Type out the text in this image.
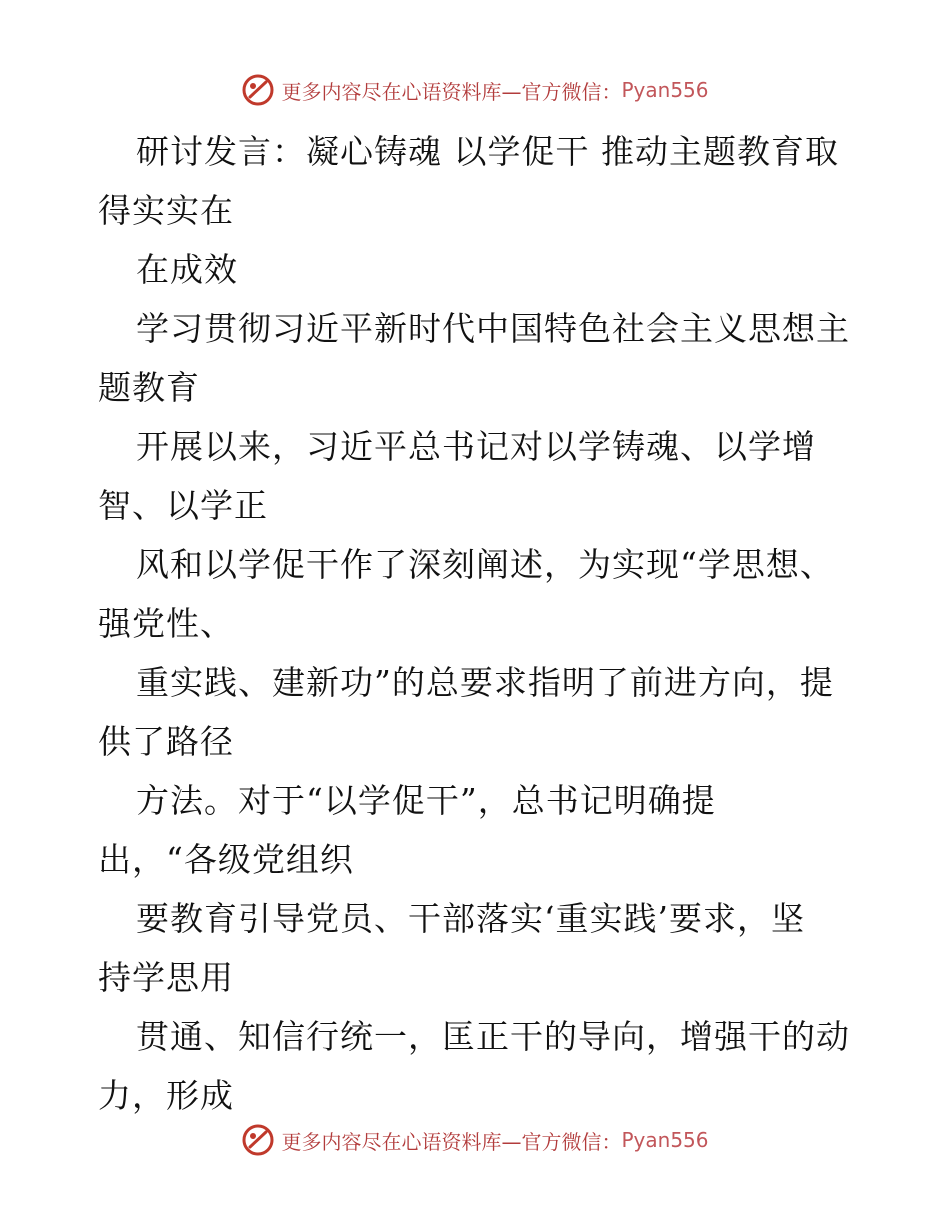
更多内容尽在心语资料库—官方微信： Pyan556

研讨发言：凝心铸魂 以学促干 推动主题教育取
得实实在

在成效

学习贯彻习近平新时代中国特色社会主义思想主
题教育

开展以来，习近平总书记对以学铸魂、以学增
智、以学正

风和以学促干作了深刻阐述，为实现“学思想、
强党性、

重实践、建新功”的总要求指明了前进方向，提
供了路径

方法。对于“以学促干”，总书记明确提
出，“各级党组织

要教育引导党员、干部落实‘重实践’要求，坚
持学思用

贯通、知信行统一，匡正干的导向，增强干的动
力，形成

更多内容尽在心语资料库—官方微信： Pyan556
